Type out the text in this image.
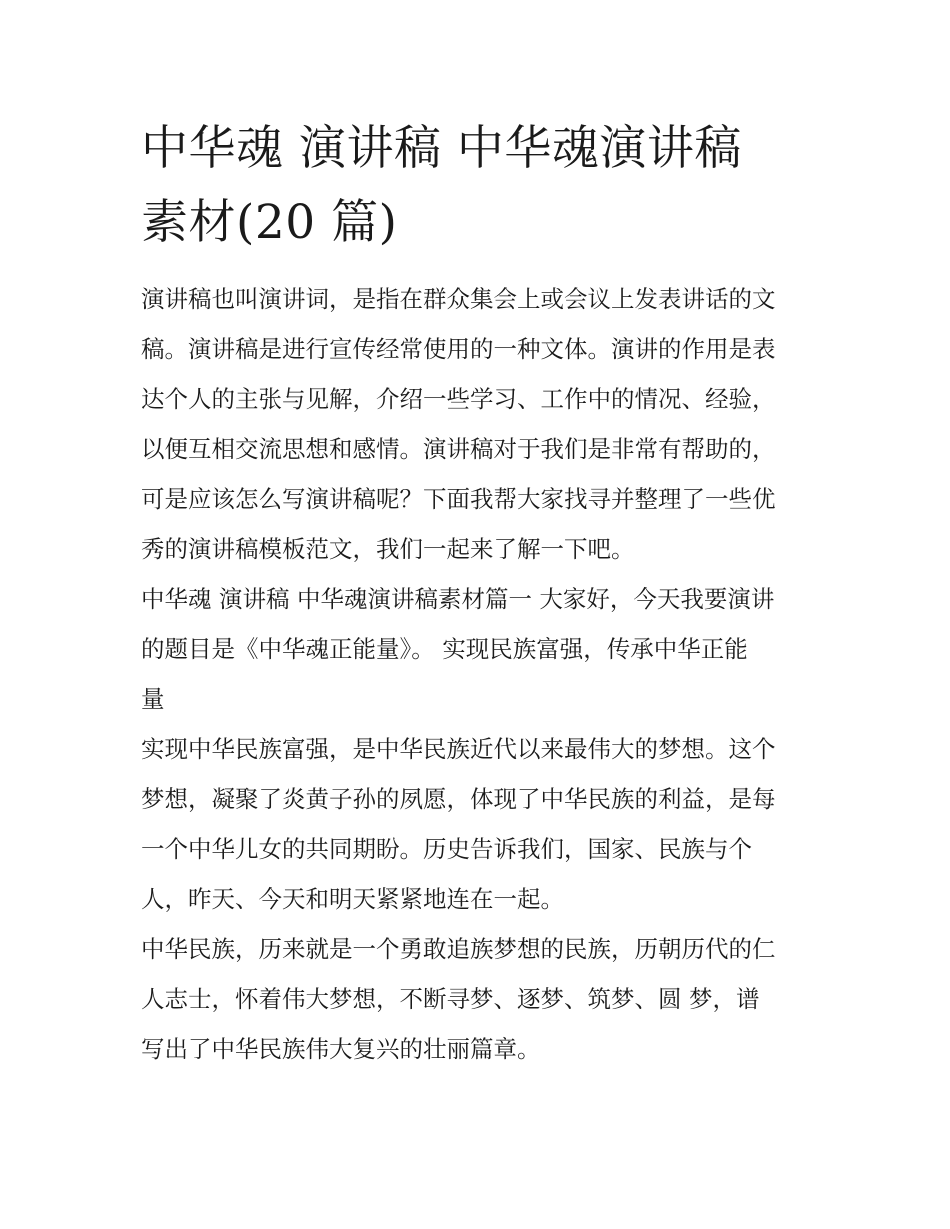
中华魂 演讲稿 中华魂演讲稿
素材(20 篇)

演讲稿也叫演讲词，是指在群众集会上或会议上发表讲话的文
稿。演讲稿是进行宣传经常使用的一种文体。演讲的作用是表
达个人的主张与见解，介绍一些学习、工作中的情况、经验，
以便互相交流思想和感情。演讲稿对于我们是非常有帮助的，
可是应该怎么写演讲稿呢？下面我帮大家找寻并整理了一些优
秀的演讲稿模板范文，我们一起来了解一下吧。

中华魂 演讲稿 中华魂演讲稿素材篇一 大家好，今天我要演讲
的题目是《中华魂正能量》。 实现民族富强，传承中华正能
量

实现中华民族富强，是中华民族近代以来最伟大的梦想。这个
梦想，凝聚了炎黄子孙的夙愿，体现了中华民族的利益，是每
一个中华儿女的共同期盼。历史告诉我们，国家、民族与个
人，昨天、今天和明天紧紧地连在一起。

中华民族，历来就是一个勇敢追族梦想的民族，历朝历代的仁
人志士，怀着伟大梦想，不断寻梦、逐梦、筑梦、圆 梦，谱
写出了中华民族伟大复兴的壮丽篇章。
